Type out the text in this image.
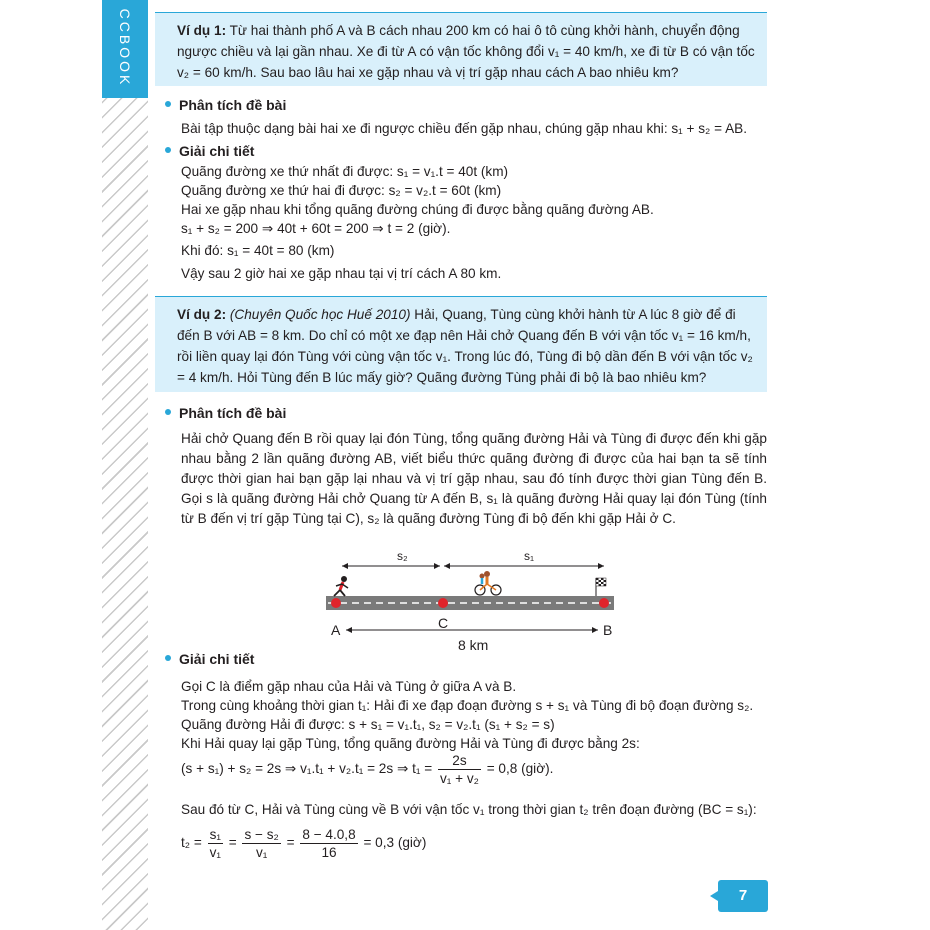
CCBOOK	Ví dụ 1: Từ hai thành phố A và B cách nhau 200 km có hai ô tô cùng khởi hành, chuyển động ngược chiều và lại gần nhau. Xe đi từ A có vận tốc không đổi v₁ = 40 km/h, xe đi từ B có vận tốc v₂ = 60 km/h. Sau bao lâu hai xe gặp nhau và vị trí gặp nhau cách A bao nhiêu km?
Phân tích đề bài
Bài tập thuộc dạng bài hai xe đi ngược chiều đến gặp nhau, chúng gặp nhau khi: s₁ + s₂ = AB.
Giải chi tiết
Quãng đường xe thứ nhất đi được: s₁ = v₁.t = 40t (km)
Quãng đường xe thứ hai đi được: s₂ = v₂.t = 60t (km)
Hai xe gặp nhau khi tổng quãng đường chúng đi được bằng quãng đường AB.
s₁ + s₂ = 200 ⇒ 40t + 60t = 200 ⇒ t = 2 (giờ).
Khi đó: s₁ = 40t = 80 (km)
Vậy sau 2 giờ hai xe gặp nhau tại vị trí cách A 80 km.
Ví dụ 2: (Chuyên Quốc học Huế 2010) Hải, Quang, Tùng cùng khởi hành từ A lúc 8 giờ để đi đến B với AB = 8 km. Do chỉ có một xe đạp nên Hải chở Quang đến B với vận tốc v₁ = 16 km/h, rồi liền quay lại đón Tùng với cùng vận tốc v₁. Trong lúc đó, Tùng đi bộ dần đến B với vận tốc v₂ = 4 km/h. Hỏi Tùng đến B lúc mấy giờ? Quãng đường Tùng phải đi bộ là bao nhiêu km?
Phân tích đề bài
Hải chở Quang đến B rồi quay lại đón Tùng, tổng quãng đường Hải và Tùng đi được đến khi gặp nhau bằng 2 lần quãng đường AB, viết biểu thức quãng đường đi được của hai bạn ta sẽ tính được thời gian hai bạn gặp lại nhau và vị trí gặp nhau, sau đó tính được thời gian Tùng đến B. Gọi s là quãng đường Hải chở Quang từ A đến B, s₁ là quãng đường Hải quay lại đón Tùng (tính từ B đến vị trí gặp Tùng tại C), s₂ là quãng đường Tùng đi bộ đến khi gặp Hải ở C.
s₂	s₁
A	C	B
8 km
Giải chi tiết
Gọi C là điểm gặp nhau của Hải và Tùng ở giữa A và B.
Trong cùng khoảng thời gian t₁: Hải đi xe đạp đoạn đường s + s₁ và Tùng đi bộ đoạn đường s₂.
Quãng đường Hải đi được: s + s₁ = v₁.t₁, s₂ = v₂.t₁ (s₁ + s₂ = s)
Khi Hải quay lại gặp Tùng, tổng quãng đường Hải và Tùng đi được bằng 2s:
(s + s₁) + s₂ = 2s ⇒ v₁.t₁ + v₂.t₁ = 2s ⇒ $t_1 = \frac{2s}{\text{v₁ + v₂}} = 0,8$ (giờ).
Sau đó từ C, Hải và Tùng cùng về B với vận tốc v₁ trong thời gian t₂ trên đoạn đường (BC = s₁):
$t_2 = \frac{\text{s₁}}{\text{v₁}} = \frac{\text{s − s₂}}{\text{v₁}} = \frac{8 - 4.0,8}{16} = 0,3$ (giờ)
7
